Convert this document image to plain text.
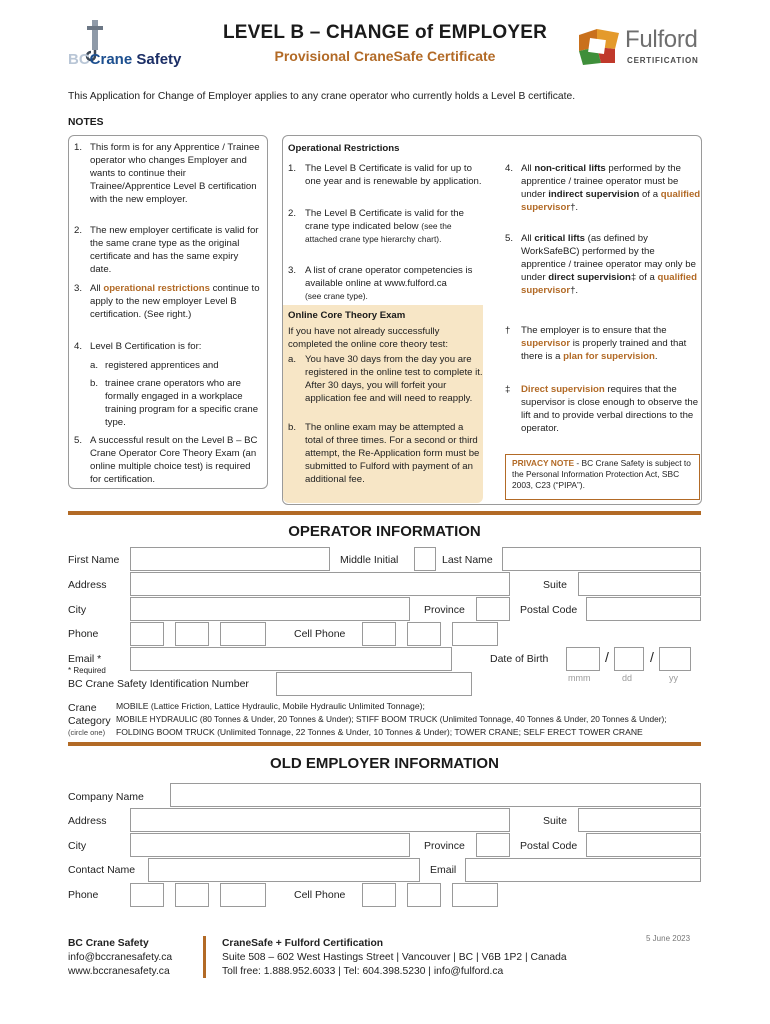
BCCrane Safety
LEVEL B – CHANGE of EMPLOYER
Provisional CraneSafe Certificate
Fulford
CERTIFICATION
This Application for Change of Employer applies to any crane operator who currently holds a Level B certificate.
NOTES
1. This form is for any Apprentice / Trainee operator who changes Employer and wants to continue their Trainee/Apprentice Level B certification with the new employer.
2. The new employer certificate is valid for the same crane type as the original certificate and has the same expiry date.
3. All operational restrictions continue to apply to the new employer Level B certification. (See right.)
4. Level B Certification is for:
a. registered apprentices and
b. trainee crane operators who are formally engaged in a workplace training program for a specific crane type.
5. A successful result on the Level B – BC Crane Operator Core Theory Exam (an online multiple choice test) is required for certification.
Operational Restrictions
1. The Level B Certificate is valid for up to one year and is renewable by application.
2. The Level B Certificate is valid for the crane type indicated below (see the attached crane type hierarchy chart).
3. A list of crane operator competencies is available online at www.fulford.ca
(see crane type).
Online Core Theory Exam
If you have not already successfully completed the online core theory test:
a. You have 30 days from the day you are registered in the online test to complete it. After 30 days, you will forfeit your application fee and will need to reapply.
b. The online exam may be attempted a total of three times. For a second or third attempt, the Re-Application form must be submitted to Fulford with payment of an additional fee.
4. All non-critical lifts performed by the apprentice / trainee operator must be under indirect supervision of a qualified supervisor†.
5. All critical lifts (as defined by WorkSafeBC) performed by the apprentice / trainee operator may only be under direct supervision‡ of a qualified supervisor†.
† The employer is to ensure that the supervisor is properly trained and that there is a plan for supervision.
‡ Direct supervision requires that the supervisor is close enough to observe the lift and to provide verbal directions to the operator.
PRIVACY NOTE - BC Crane Safety is subject to the Personal Information Protection Act, SBC 2003, C23 (“PIPA”).
OPERATOR INFORMATION
First Name	Middle Initial	Last Name
Address	Suite
City	Province	Postal Code
Phone	Cell Phone
Email *
* Required
Date of Birth	/	/
mmm	dd	yy
BC Crane Safety Identification Number
Crane
Category
(circle one)
MOBILE (Lattice Friction, Lattice Hydraulic, Mobile Hydraulic Unlimited Tonnage);
MOBILE HYDRAULIC (80 Tonnes & Under, 20 Tonnes & Under); STIFF BOOM TRUCK (Unlimited Tonnage, 40 Tonnes & Under, 20 Tonnes & Under);
FOLDING BOOM TRUCK (Unlimited Tonnage, 22 Tonnes & Under, 10 Tonnes & Under); TOWER CRANE; SELF ERECT TOWER CRANE
OLD EMPLOYER INFORMATION
Company Name
Address	Suite
City	Province	Postal Code
Contact Name	Email
Phone	Cell Phone
BC Crane Safety
info@bccranesafety.ca
www.bccranesafety.ca
CraneSafe + Fulford Certification
Suite 508 – 602 West Hastings Street | Vancouver | BC | V6B 1P2 | Canada
Toll free: 1.888.952.6033 | Tel: 604.398.5230 | info@fulford.ca
5 June 2023
